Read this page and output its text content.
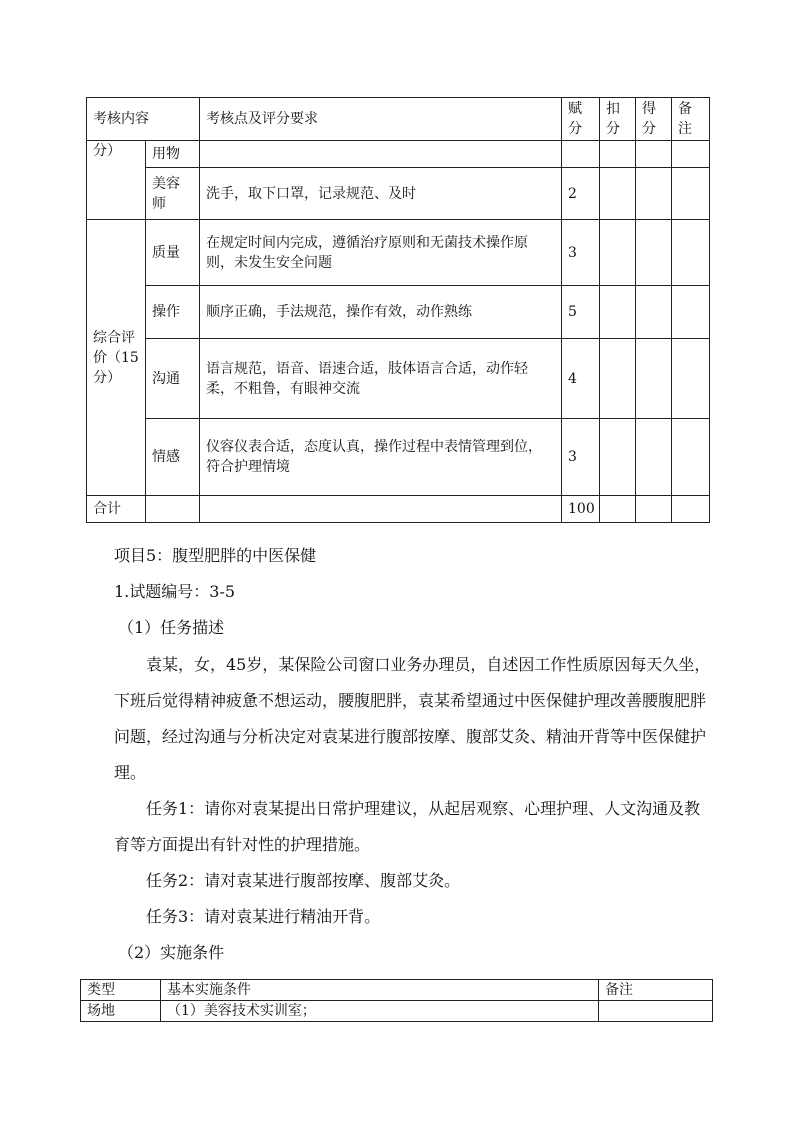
考核内容		考核点及评分要求	赋分	扣分	得分	备注
分）	用物					
	美容师	洗手，取下口罩，记录规范、及时	2			
综合评价（15分）	质量	在规定时间内完成，遵循治疗原则和无菌技术操作原则，未发生安全问题	3			
	操作	顺序正确，手法规范，操作有效，动作熟练	5			
	沟通	语言规范，语音、语速合适，肢体语言合适，动作轻柔，不粗鲁，有眼神交流	4			
	情感	仪容仪表合适，态度认真，操作过程中表情管理到位，符合护理情境	3			
合计			100			
项目5：腹型肥胖的中医保健
1.试题编号：3-5
（1）任务描述
袁某，女，45岁，某保险公司窗口业务办理员，自述因工作性质原因每天久坐，下班后觉得精神疲惫不想运动，腰腹肥胖，袁某希望通过中医保健护理改善腰腹肥胖问题，经过沟通与分析决定对袁某进行腹部按摩、腹部艾灸、精油开背等中医保健护理。
任务1：请你对袁某提出日常护理建议，从起居观察、心理护理、人文沟通及教育等方面提出有针对性的护理措施。
任务2：请对袁某进行腹部按摩、腹部艾灸。
任务3：请对袁某进行精油开背。
（2）实施条件
类型	基本实施条件	备注
场地	（1）美容技术实训室；	
